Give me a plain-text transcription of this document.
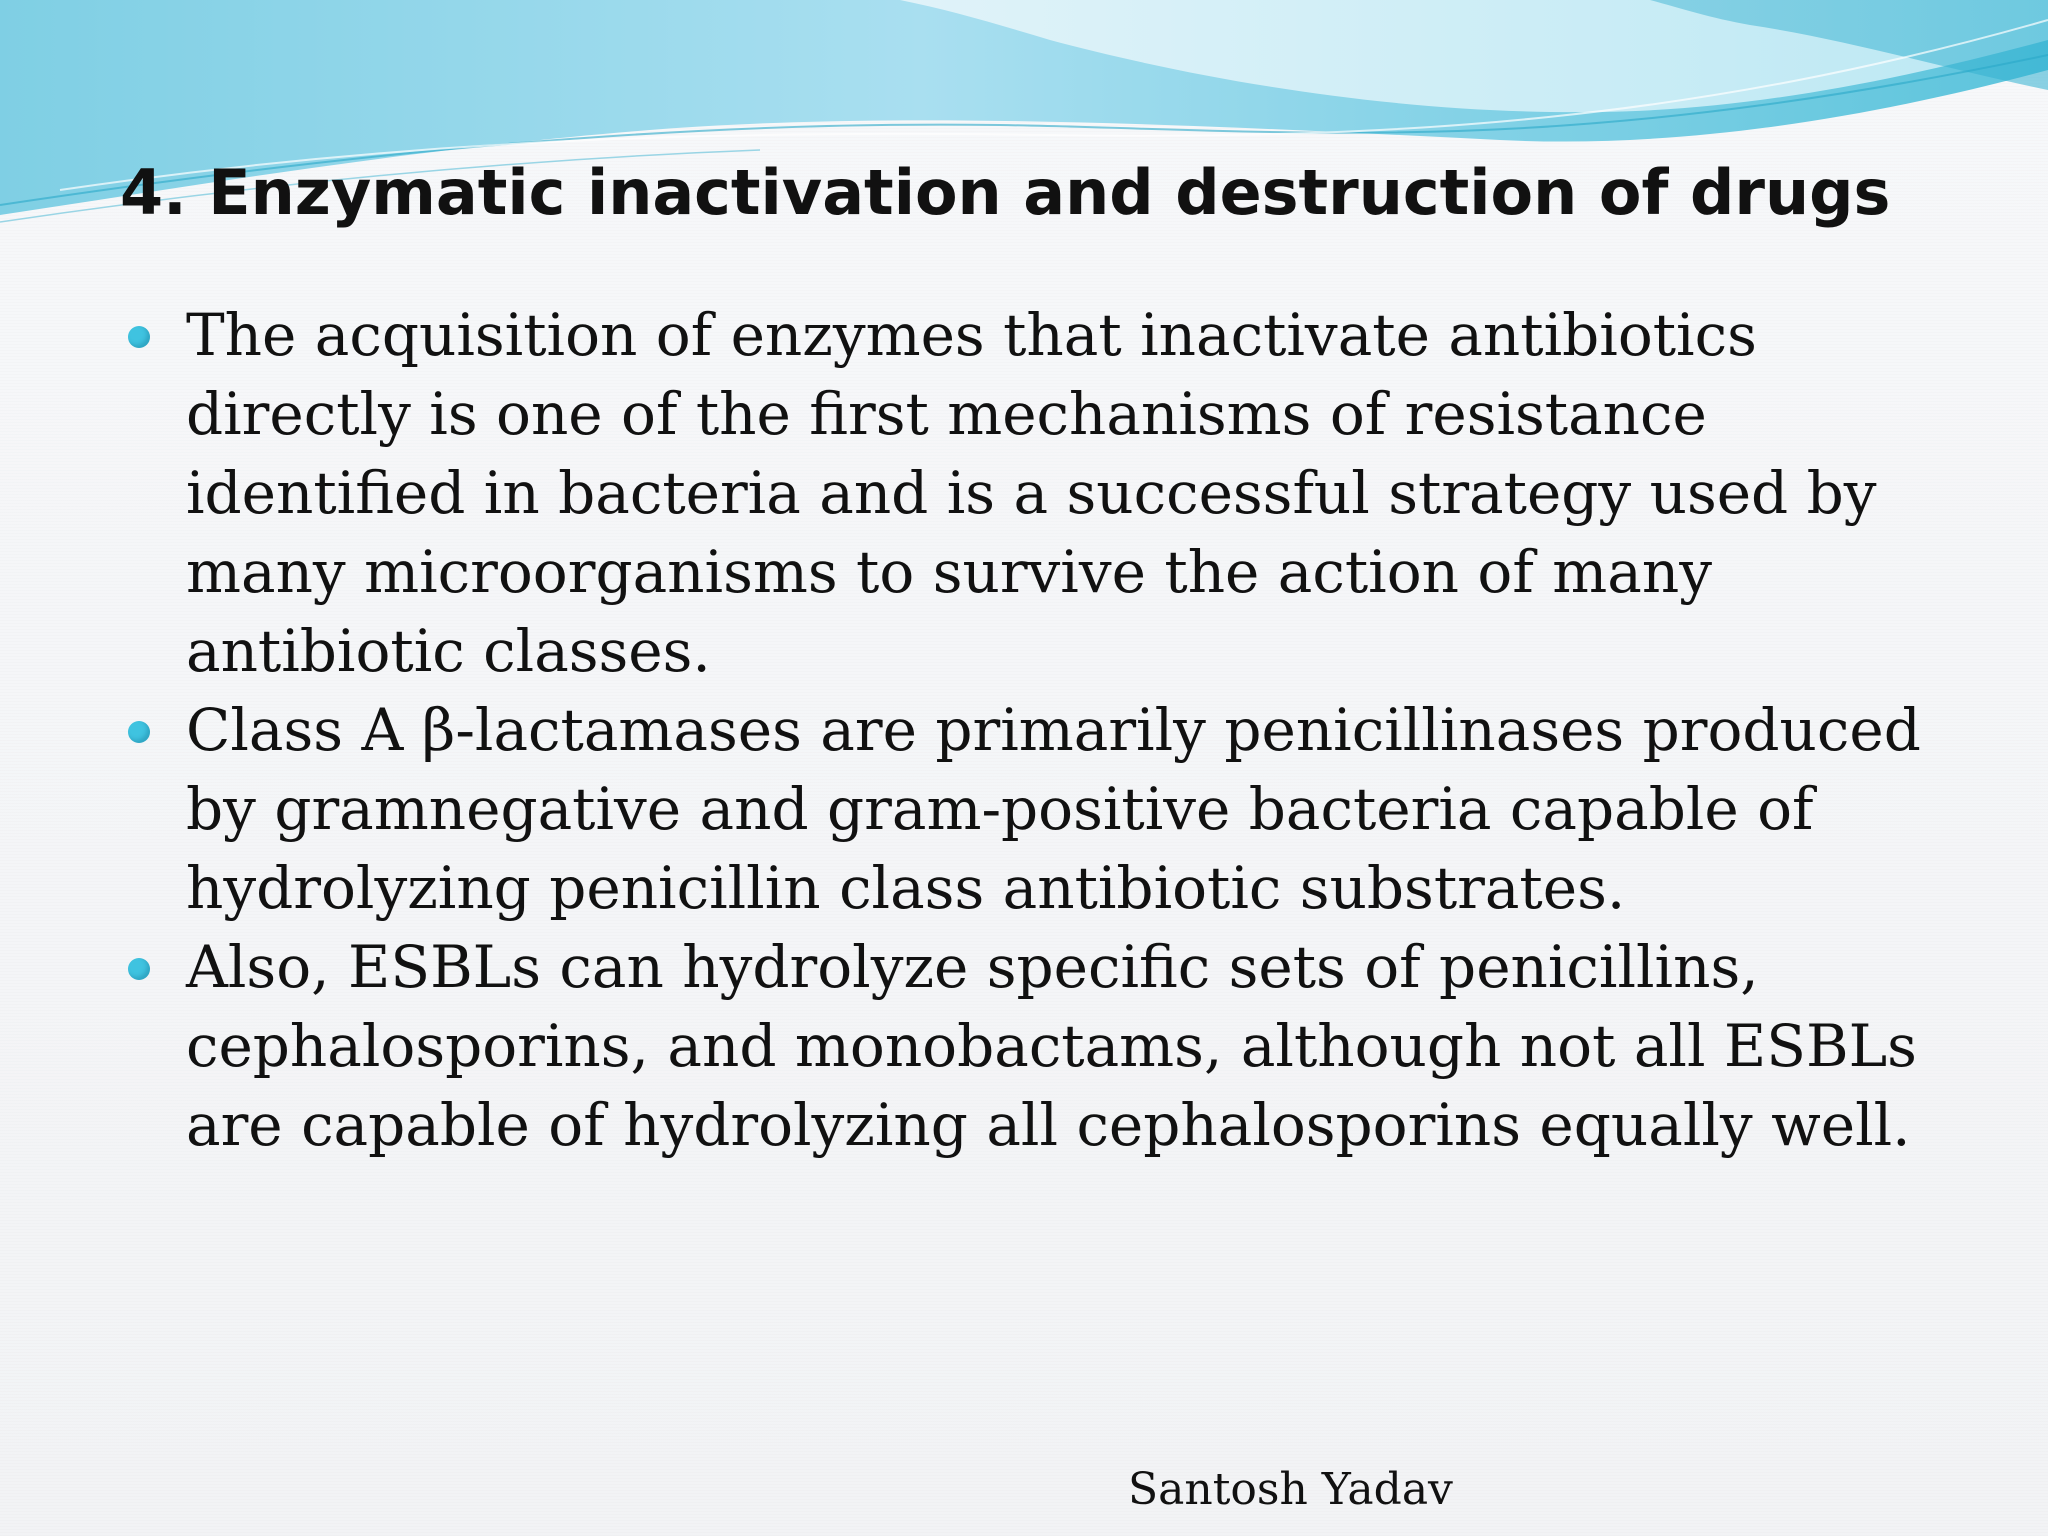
4. Enzymatic inactivation and destruction of drugs
The acquisition of enzymes that inactivate antibiotics directly is one of the first mechanisms of resistance identified in bacteria and is a successful strategy used by many microorganisms to survive the action of many antibiotic classes.
Class A β-lactamases are primarily penicillinases produced by gramnegative and gram-positive bacteria capable of hydrolyzing penicillin class antibiotic substrates.
Also, ESBLs can hydrolyze specific sets of penicillins, cephalosporins, and monobactams, although not all ESBLs are capable of hydrolyzing all cephalosporins equally well.
Santosh Yadav
